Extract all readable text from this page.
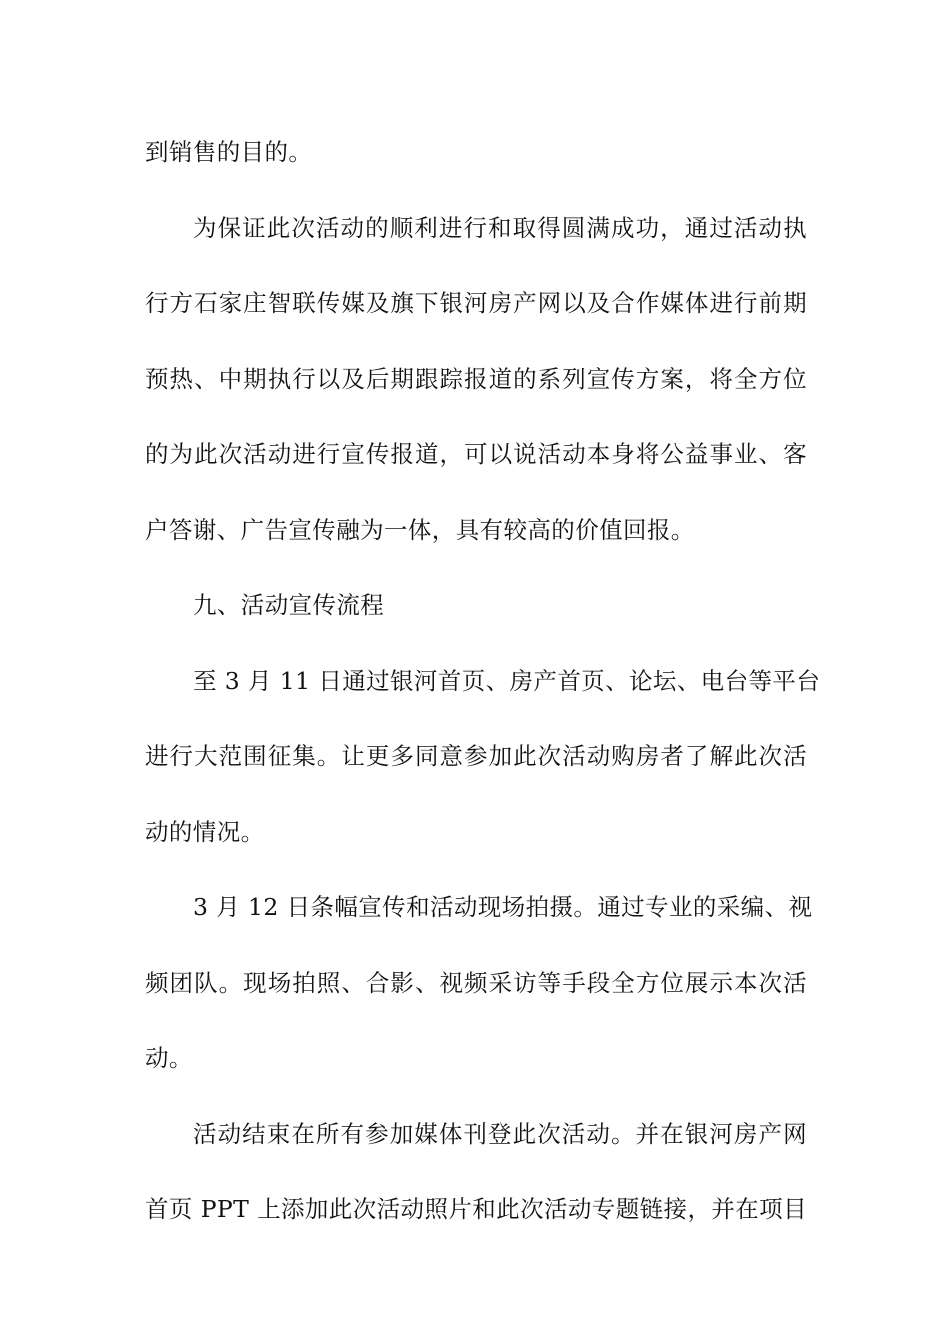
到销售的目的。
为保证此次活动的顺利进行和取得圆满成功，通过活动执
行方石家庄智联传媒及旗下银河房产网以及合作媒体进行前期
预热、中期执行以及后期跟踪报道的系列宣传方案，将全方位
的为此次活动进行宣传报道，可以说活动本身将公益事业、客
户答谢、广告宣传融为一体，具有较高的价值回报。
九、活动宣传流程
至 3 月 11 日通过银河首页、房产首页、论坛、电台等平台
进行大范围征集。让更多同意参加此次活动购房者了解此次活
动的情况。
3 月 12 日条幅宣传和活动现场拍摄。通过专业的采编、视
频团队。现场拍照、合影、视频采访等手段全方位展示本次活
动。
活动结束在所有参加媒体刊登此次活动。并在银河房产网
首页 PPT 上添加此次活动照片和此次活动专题链接，并在项目
